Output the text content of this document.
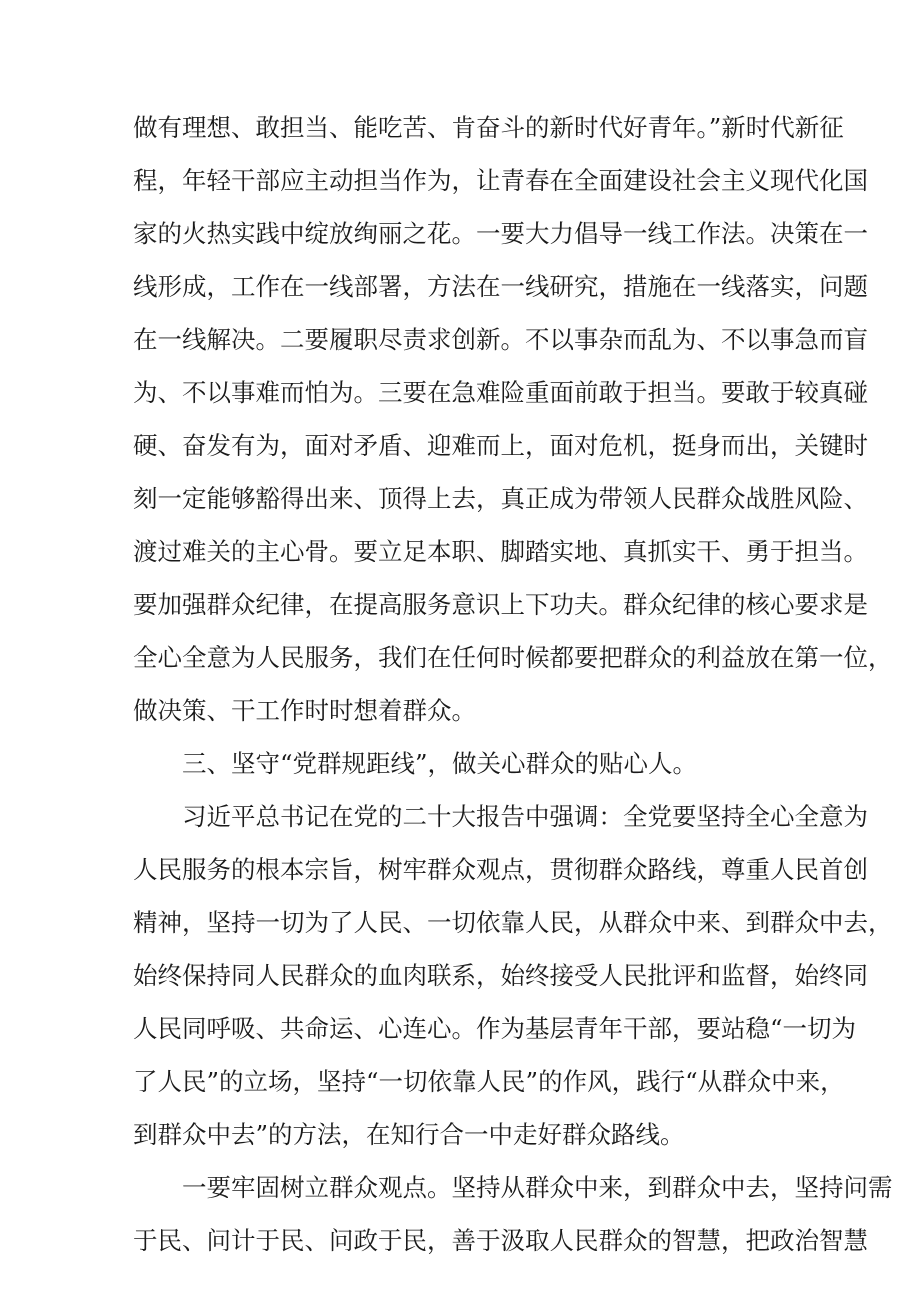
做有理想、敢担当、能吃苦、肯奋斗的新时代好青年。”新时代新征
程，年轻干部应主动担当作为，让青春在全面建设社会主义现代化国
家的火热实践中绽放绚丽之花。一要大力倡导一线工作法。决策在一
线形成，工作在一线部署，方法在一线研究，措施在一线落实，问题
在一线解决。二要履职尽责求创新。不以事杂而乱为、不以事急而盲
为、不以事难而怕为。三要在急难险重面前敢于担当。要敢于较真碰
硬、奋发有为，面对矛盾、迎难而上，面对危机，挺身而出，关键时
刻一定能够豁得出来、顶得上去，真正成为带领人民群众战胜风险、
渡过难关的主心骨。要立足本职、脚踏实地、真抓实干、勇于担当。
要加强群众纪律，在提高服务意识上下功夫。群众纪律的核心要求是
全心全意为人民服务，我们在任何时候都要把群众的利益放在第一位，
做决策、干工作时时想着群众。
三、坚守“党群规距线”，做关心群众的贴心人。
习近平总书记在党的二十大报告中强调：全党要坚持全心全意为
人民服务的根本宗旨，树牢群众观点，贯彻群众路线，尊重人民首创
精神，坚持一切为了人民、一切依靠人民，从群众中来、到群众中去，
始终保持同人民群众的血肉联系，始终接受人民批评和监督，始终同
人民同呼吸、共命运、心连心。作为基层青年干部，要站稳“一切为
了人民”的立场，坚持“一切依靠人民”的作风，践行“从群众中来，
到群众中去”的方法，在知行合一中走好群众路线。
一要牢固树立群众观点。坚持从群众中来，到群众中去，坚持问需
于民、问计于民、问政于民，善于汲取人民群众的智慧，把政治智慧
